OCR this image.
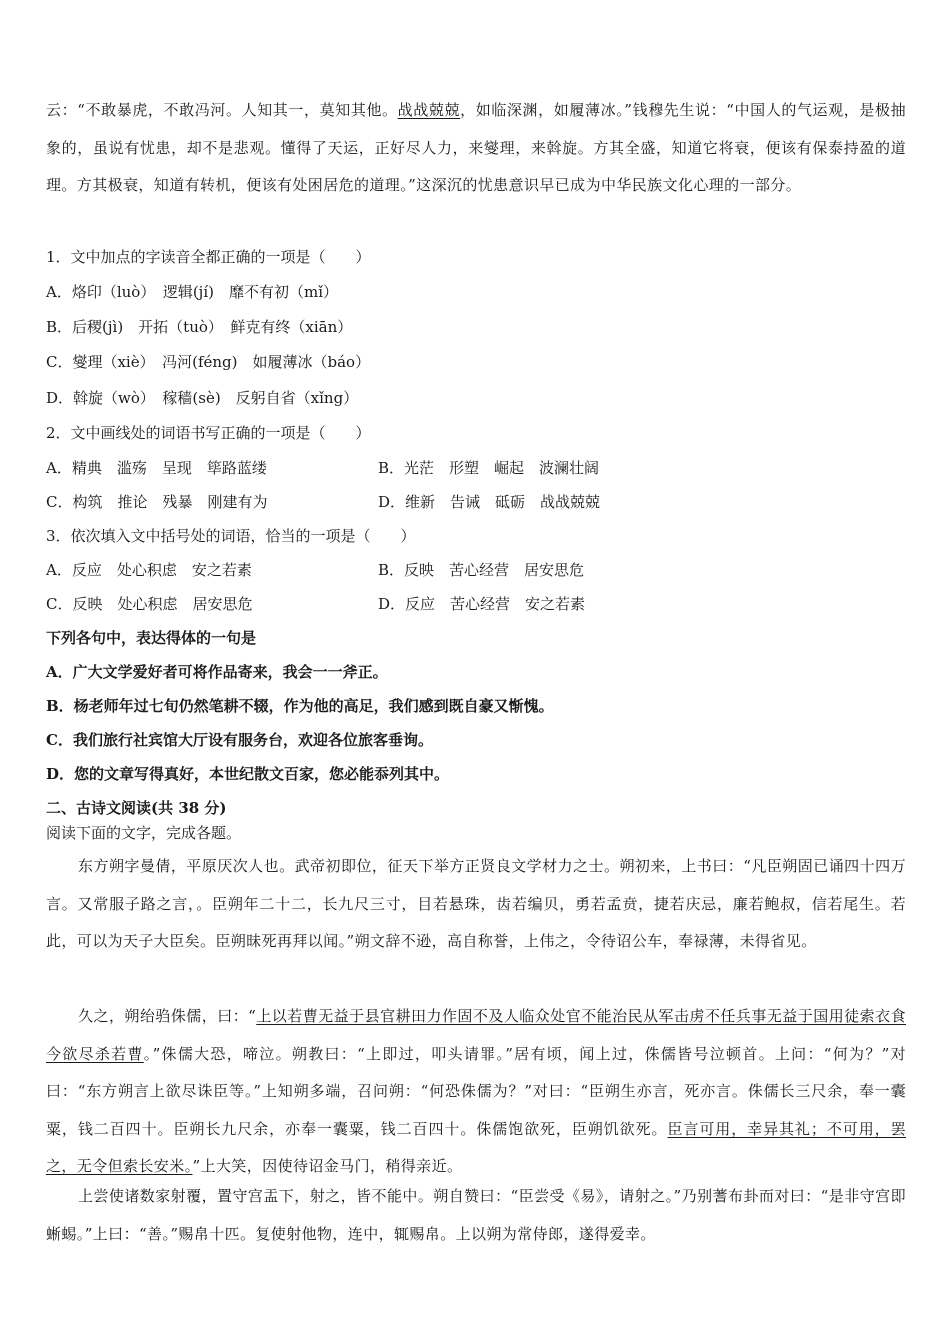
云：“不敢暴虎，不敢冯河。人知其一，莫知其他。战战兢兢，如临深渊，如履薄冰。”钱穆先生说：“中国人的气运观，是极抽象的，虽说有忧患，却不是悲观。懂得了天运，正好尽人力，来燮理，来斡旋。方其全盛，知道它将衰，便该有保泰持盈的道理。方其极衰，知道有转机，便该有处困居危的道理。”这深沉的忧患意识早已成为中华民族文化心理的一部分。
1．文中加点的字读音全都正确的一项是（　　）
A．烙印（luò）　逻辑(jí)　靡不有初（mǐ）
B．后稷(jì)　开拓（tuò）　鲜克有终（xiān）
C．燮理（xiè）　冯河(féng)　如履薄冰（báo）
D．斡旋（wò）　稼穑(sè)　反躬自省（xǐng）
2．文中画线处的词语书写正确的一项是（　　）
A．精典　滥殇　呈现　筚路蓝缕	B．光茫　形塑　崛起　波澜壮阔
C．构筑　推论　残暴　刚建有为	D．维新　告诫　砥砺　战战兢兢
3．依次填入文中括号处的词语，恰当的一项是（　　）
A．反应　处心积虑　安之若素	B．反映　苦心经营　居安思危
C．反映　处心积虑　居安思危	D．反应　苦心经营　安之若素
下列各句中，表达得体的一句是
A．广大文学爱好者可将作品寄来，我会一一斧正。
B．杨老师年过七旬仍然笔耕不辍，作为他的高足，我们感到既自豪又惭愧。
C．我们旅行社宾馆大厅设有服务台，欢迎各位旅客垂询。
D．您的文章写得真好，本世纪散文百家，您必能忝列其中。
二、古诗文阅读(共 38 分)
阅读下面的文字，完成各题。
东方朔字曼倩，平原厌次人也。武帝初即位，征天下举方正贤良文学材力之士。朔初来，上书曰：“凡臣朔固已诵四十四万言。又常服子路之言，。臣朔年二十二，长九尺三寸，目若悬珠，齿若编贝，勇若孟贲，捷若庆忌，廉若鲍叔，信若尾生。若此，可以为天子大臣矣。臣朔昧死再拜以闻。”朔文辞不逊，高自称誉，上伟之，令待诏公车，奉禄薄，未得省见。
久之，朔绐驺侏儒，曰：“上以若曹无益于县官耕田力作固不及人临众处官不能治民从军击虏不任兵事无益于国用徒索衣食今欲尽杀若曹。”侏儒大恐，啼泣。朔教曰：“上即过，叩头请罪。”居有顷，闻上过，侏儒皆号泣顿首。上问：“何为？”对曰：“东方朔言上欲尽诛臣等。”上知朔多端，召问朔：“何恐侏儒为？”对曰：“臣朔生亦言，死亦言。侏儒长三尺余，奉一囊粟，钱二百四十。臣朔长九尺余，亦奉一囊粟，钱二百四十。侏儒饱欲死，臣朔饥欲死。臣言可用，幸异其礼；不可用，罢之，无令但索长安米。”上大笑，因使待诏金马门，稍得亲近。
上尝使诸数家射覆，置守宫盂下，射之，皆不能中。朔自赞曰：“臣尝受《易》，请射之。”乃别蓍布卦而对曰：“是非守宫即蜥蜴。”上曰：“善。”赐帛十匹。复使射他物，连中，辄赐帛。上以朔为常侍郎，遂得爱幸。
